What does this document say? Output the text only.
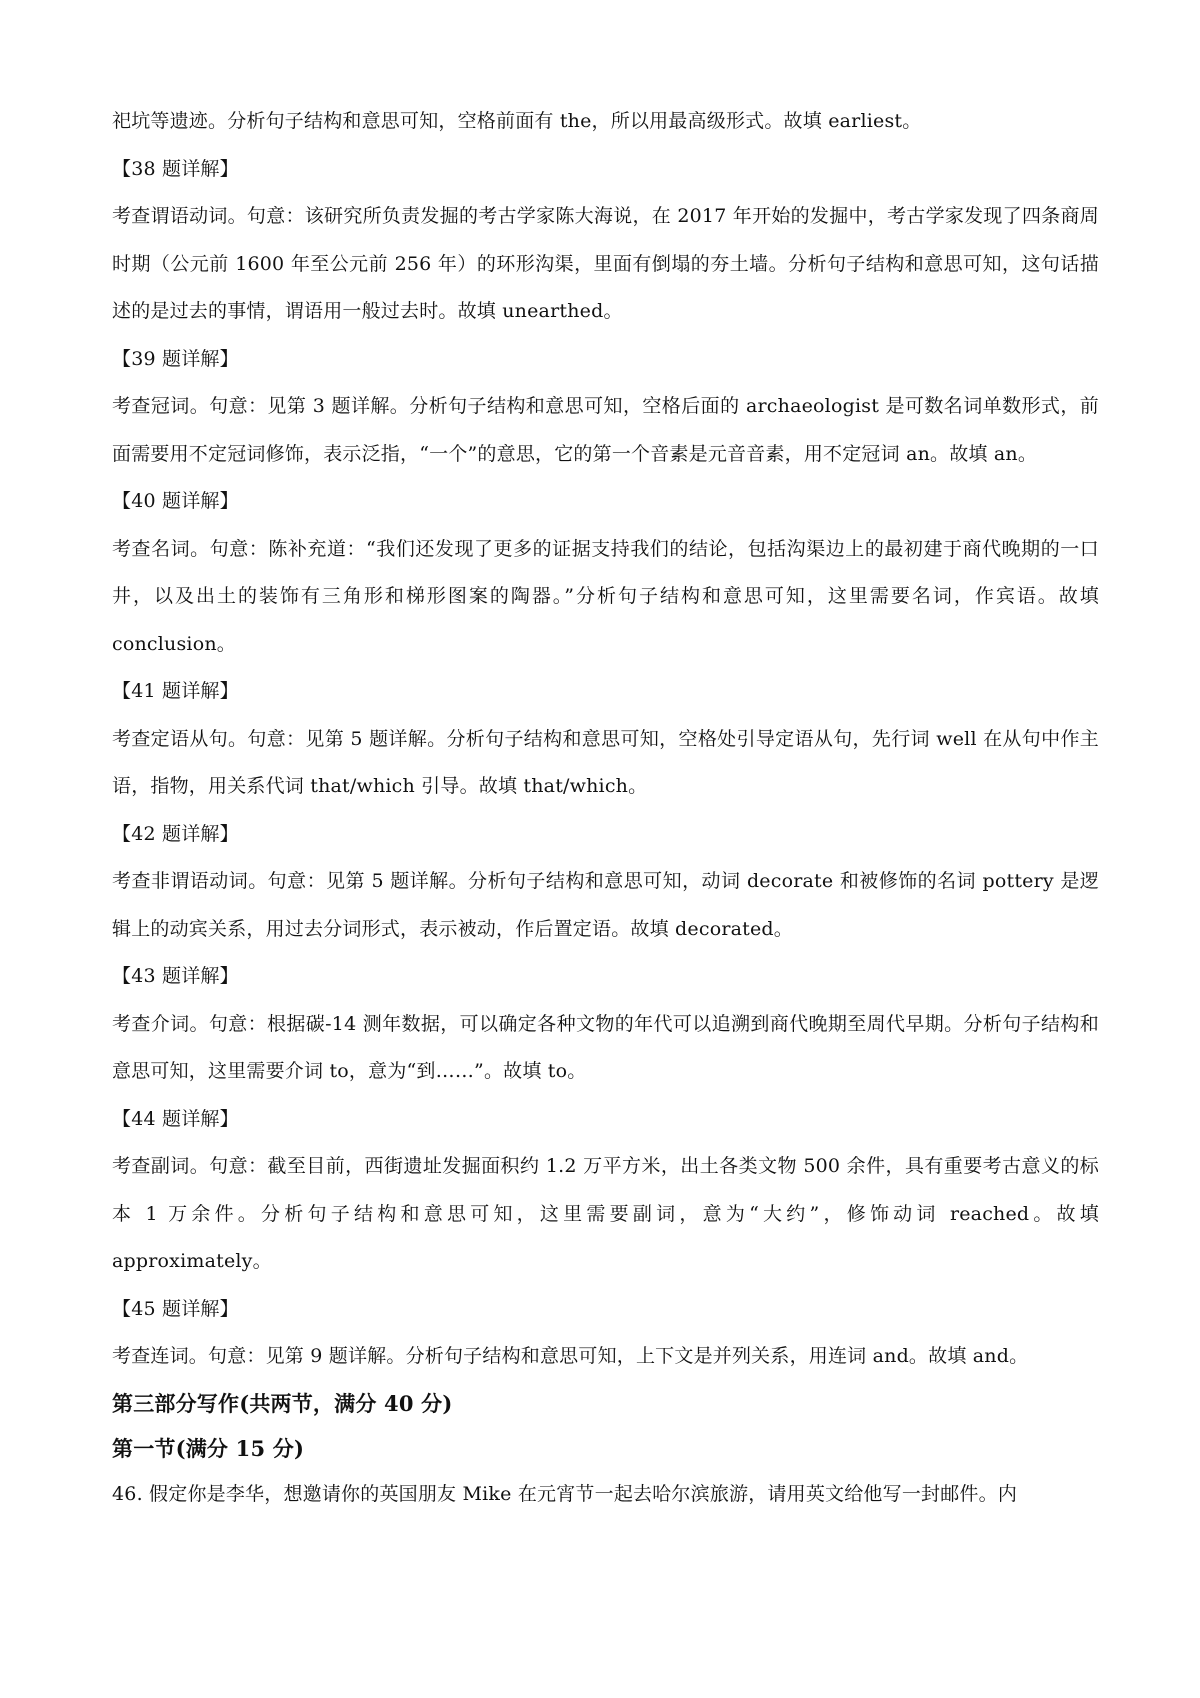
祀坑等遗迹。分析句子结构和意思可知，空格前面有 the，所以用最高级形式。故填 earliest。

【38 题详解】

考查谓语动词。句意：该研究所负责发掘的考古学家陈大海说，在 2017 年开始的发掘中，考古学家发现了四条商周时期（公元前 1600 年至公元前 256 年）的环形沟渠，里面有倒塌的夯土墙。分析句子结构和意思可知，这句话描述的是过去的事情，谓语用一般过去时。故填 unearthed。

【39 题详解】

考查冠词。句意：见第 3 题详解。分析句子结构和意思可知，空格后面的 archaeologist 是可数名词单数形式，前面需要用不定冠词修饰，表示泛指，“一个”的意思，它的第一个音素是元音音素，用不定冠词 an。故填 an。

【40 题详解】

考查名词。句意：陈补充道：“我们还发现了更多的证据支持我们的结论，包括沟渠边上的最初建于商代晚期的一口井，以及出土的装饰有三角形和梯形图案的陶器。”分析句子结构和意思可知，这里需要名词，作宾语。故填 conclusion。

【41 题详解】

考查定语从句。句意：见第 5 题详解。分析句子结构和意思可知，空格处引导定语从句，先行词 well 在从句中作主语，指物，用关系代词 that/which 引导。故填 that/which。

【42 题详解】

考查非谓语动词。句意：见第 5 题详解。分析句子结构和意思可知，动词 decorate 和被修饰的名词 pottery 是逻辑上的动宾关系，用过去分词形式，表示被动，作后置定语。故填 decorated。

【43 题详解】

考查介词。句意：根据碳-14 测年数据，可以确定各种文物的年代可以追溯到商代晚期至周代早期。分析句子结构和意思可知，这里需要介词 to，意为“到……”。故填 to。

【44 题详解】

考查副词。句意：截至目前，西街遗址发掘面积约 1.2 万平方米，出土各类文物 500 余件，具有重要考古意义的标本 1 万余件。分析句子结构和意思可知，这里需要副词，意为“大约”，修饰动词 reached。故填 approximately。

【45 题详解】

考查连词。句意：见第 9 题详解。分析句子结构和意思可知，上下文是并列关系，用连词 and。故填 and。

第三部分写作(共两节，满分 40 分)

第一节(满分 15 分)

46. 假定你是李华，想邀请你的英国朋友 Mike 在元宵节一起去哈尔滨旅游，请用英文给他写一封邮件。内
